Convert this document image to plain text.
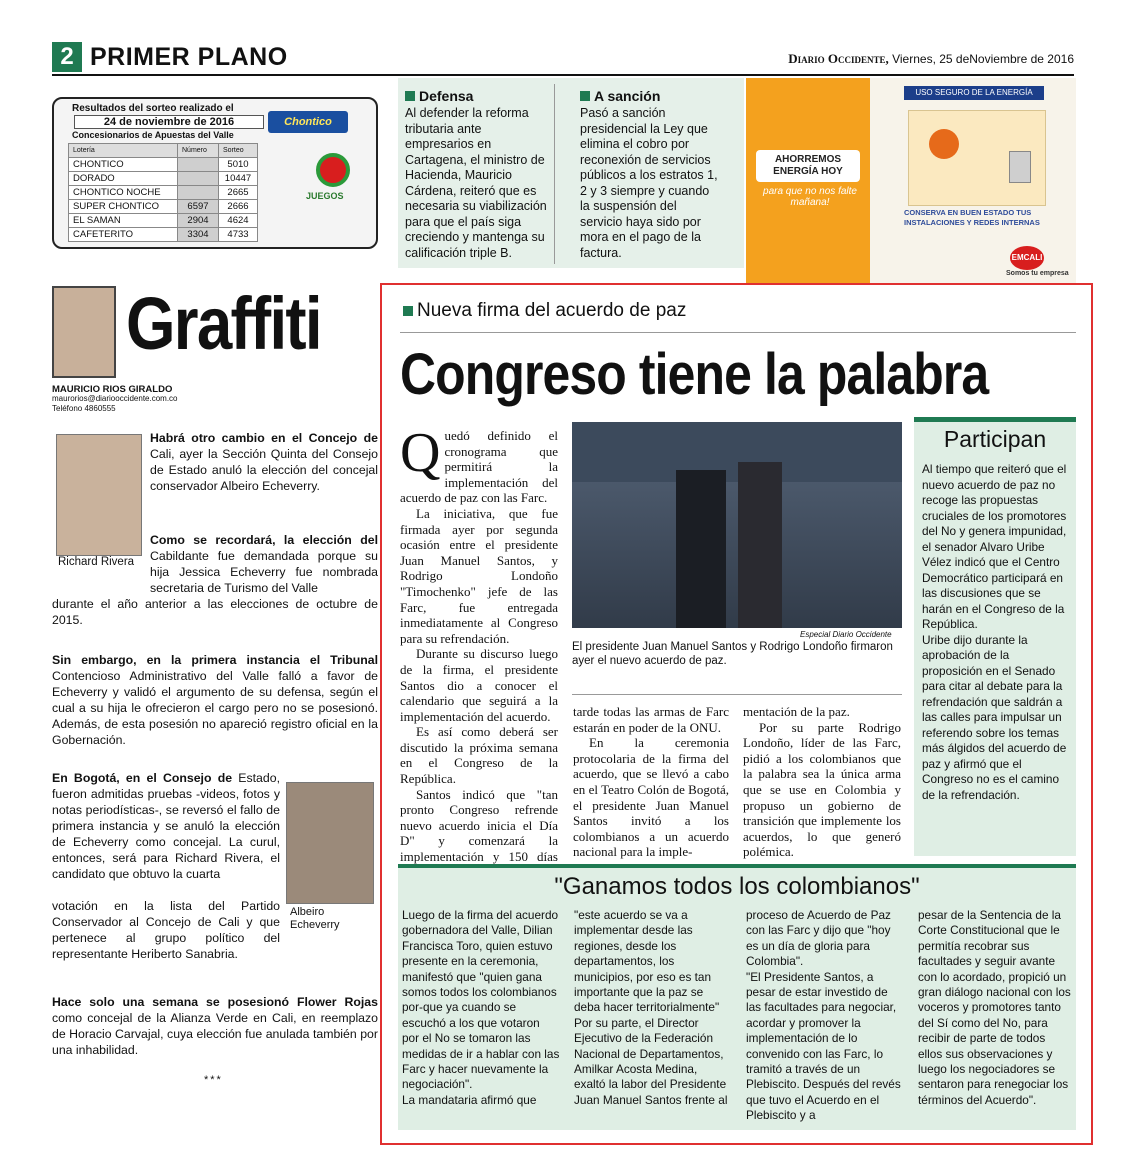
2 PRIMER PLANO	Diario Occidente, Viernes, 25 deNoviembre de 2016
Resultados del sorteo realizado el
24 de noviembre de 2016
Concesionarios de Apuestas del Valle
Chontico
Lotería	Número	Sorteo
CHONTICO		5010
DORADO		10447
CHONTICO NOCHE		2665
SUPER CHONTICO	6597	2666
EL SAMAN	2904	4624
CAFETERITO	3304	4733
JUEGOS
Defensa
Al defender la reforma tributaria ante empresarios en Cartagena, el ministro de Hacienda, Mauricio Cárdena, reiteró que es necesaria su viabilización para que el país siga creciendo y mantenga su calificación triple B.
A sanción
Pasó a sanción presidencial la Ley que elimina el cobro por reconexión de servicios públicos a los estratos 1, 2 y 3 siempre y cuando la suspensión del servicio haya sido por mora en el pago de la factura.
AHORREMOS ENERGÍA HOY
para que no nos falte mañana!
USO SEGURO DE LA ENERGÍA
CONSERVA EN BUEN ESTADO TUS INSTALACIONES Y REDES INTERNAS
EMCALI
Somos tu empresa
Graffiti
MAURICIO RIOS GIRALDO
maurorios@diariooccidente.com.co
Teléfono 4860555
Richard Rivera
Habrá otro cambio en el Concejo de Cali, ayer la Sección Quinta del Consejo de Estado anuló la elección del concejal conservador Albeiro Echeverry.
Como se recordará, la elección del Cabildante fue demandada porque su hija Jessica Echeverry fue nombrada secretaria de Turismo del Valle
durante el año anterior a las elecciones de octubre de 2015.
Sin embargo, en la primera instancia el Tribunal Contencioso Administrativo del Valle falló a favor de Echeverry y validó el argumento de su defensa, según el cual a su hija le ofrecieron el cargo pero no se posesionó. Además, de esta posesión no apareció registro oficial en la Gobernación.
En Bogotá, en el Consejo de Estado, fueron admitidas pruebas -videos, fotos y notas periodísticas-, se reversó el fallo de primera instancia y se anuló la elección de Echeverry como concejal. La curul, entonces, será para Richard Rivera, el candidato que obtuvo la cuarta
votación en la lista del Partido Conservador al Concejo de Cali y que pertenece al grupo político del representante Heriberto Sanabria.
Albeiro
Echeverry
Hace solo una semana se posesionó Flower Rojas como concejal de la Alianza Verde en Cali, en reemplazo de Horacio Carvajal, cuya elección fue anulada también por una inhabilidad.
***
Nueva firma del acuerdo de paz
Congreso tiene la palabra

Quedó definido el cronograma que permitirá la implementación del acuerdo de paz con las Farc.

La iniciativa, que fue firmada ayer por segunda ocasión entre el presidente Juan Manuel Santos, y Rodrigo Londoño "Timochenko" jefe de las Farc, fue entregada inmediatamente al Congreso para su refrendación.

Durante su discurso luego de la firma, el presidente Santos dio a conocer el calendario que seguirá a la implementación del acuerdo.

Es así como deberá ser discutido la próxima semana en el Congreso de la República.

Santos indicó que "tan pronto Congreso refrende nuevo acuerdo inicia el Día D" y comenzará la implementación y 150 días

Especial Diario Occidente
El presidente Juan Manuel Santos y Rodrigo Londoño firmaron ayer el nuevo acuerdo de paz.

tarde todas las armas de Farc estarán en poder de la ONU.

En la ceremonia protocolaria de la firma del acuerdo, que se llevó a cabo en el Teatro Colón de Bogotá, el presidente Juan Manuel Santos invitó a los colombianos a un acuerdo nacional para la imple-

mentación de la paz.

Por su parte Rodrigo Londoño, líder de las Farc, pidió a los colombianos que la palabra sea la única arma que se use en Colombia y propuso un gobierno de transición que implemente los acuerdos, lo que generó polémica.

Participan

Al tiempo que reiteró que el nuevo acuerdo de paz no recoge las propuestas cruciales de los promotores del No y genera impunidad, el senador Alvaro Uribe Vélez indicó que el Centro Democrático participará en las discusiones que se harán en el Congreso de la República.

Uribe dijo durante la aprobación de la proposición en el Senado para citar al debate para la refrendación que saldrán a las calles para impulsar un referendo sobre los temas más álgidos del acuerdo de paz y afirmó que el Congreso no es el camino de la refrendación.

"Ganamos todos los colombianos"

Luego de la firma del acuerdo gobernadora del Valle, Dilian Francisca Toro, quien estuvo presente en la ceremonia, manifestó que "quien gana somos todos los colombianos por-que ya cuando se escuchó a los que votaron por el No se tomaron las medidas de ir a hablar con las Farc y hacer nuevamente la negociación".

La mandataria afirmó que

"este acuerdo se va a implementar desde las regiones, desde los departamentos, los municipios, por eso es tan importante que la paz se deba hacer territorialmente"

Por su parte, el Director Ejecutivo de la Federación Nacional de Departamentos, Amilkar Acosta Medina, exaltó la labor del Presidente Juan Manuel Santos frente al

proceso de Acuerdo de Paz con las Farc y dijo que "hoy es un día de gloria para Colombia".

"El Presidente Santos, a pesar de estar investido de las facultades para negociar, acordar y promover la implementación de lo convenido con las Farc, lo tramitó a través de un Plebiscito. Después del revés que tuvo el Acuerdo en el Plebiscito y a

pesar de la Sentencia de la Corte Constitucional que le permitía recobrar sus facultades y seguir avante con lo acordado, propició un gran diálogo nacional con los voceros y promotores tanto del Sí como del No, para recibir de parte de todos ellos sus observaciones y luego los negociadores se sentaron para renegociar los términos del Acuerdo".
